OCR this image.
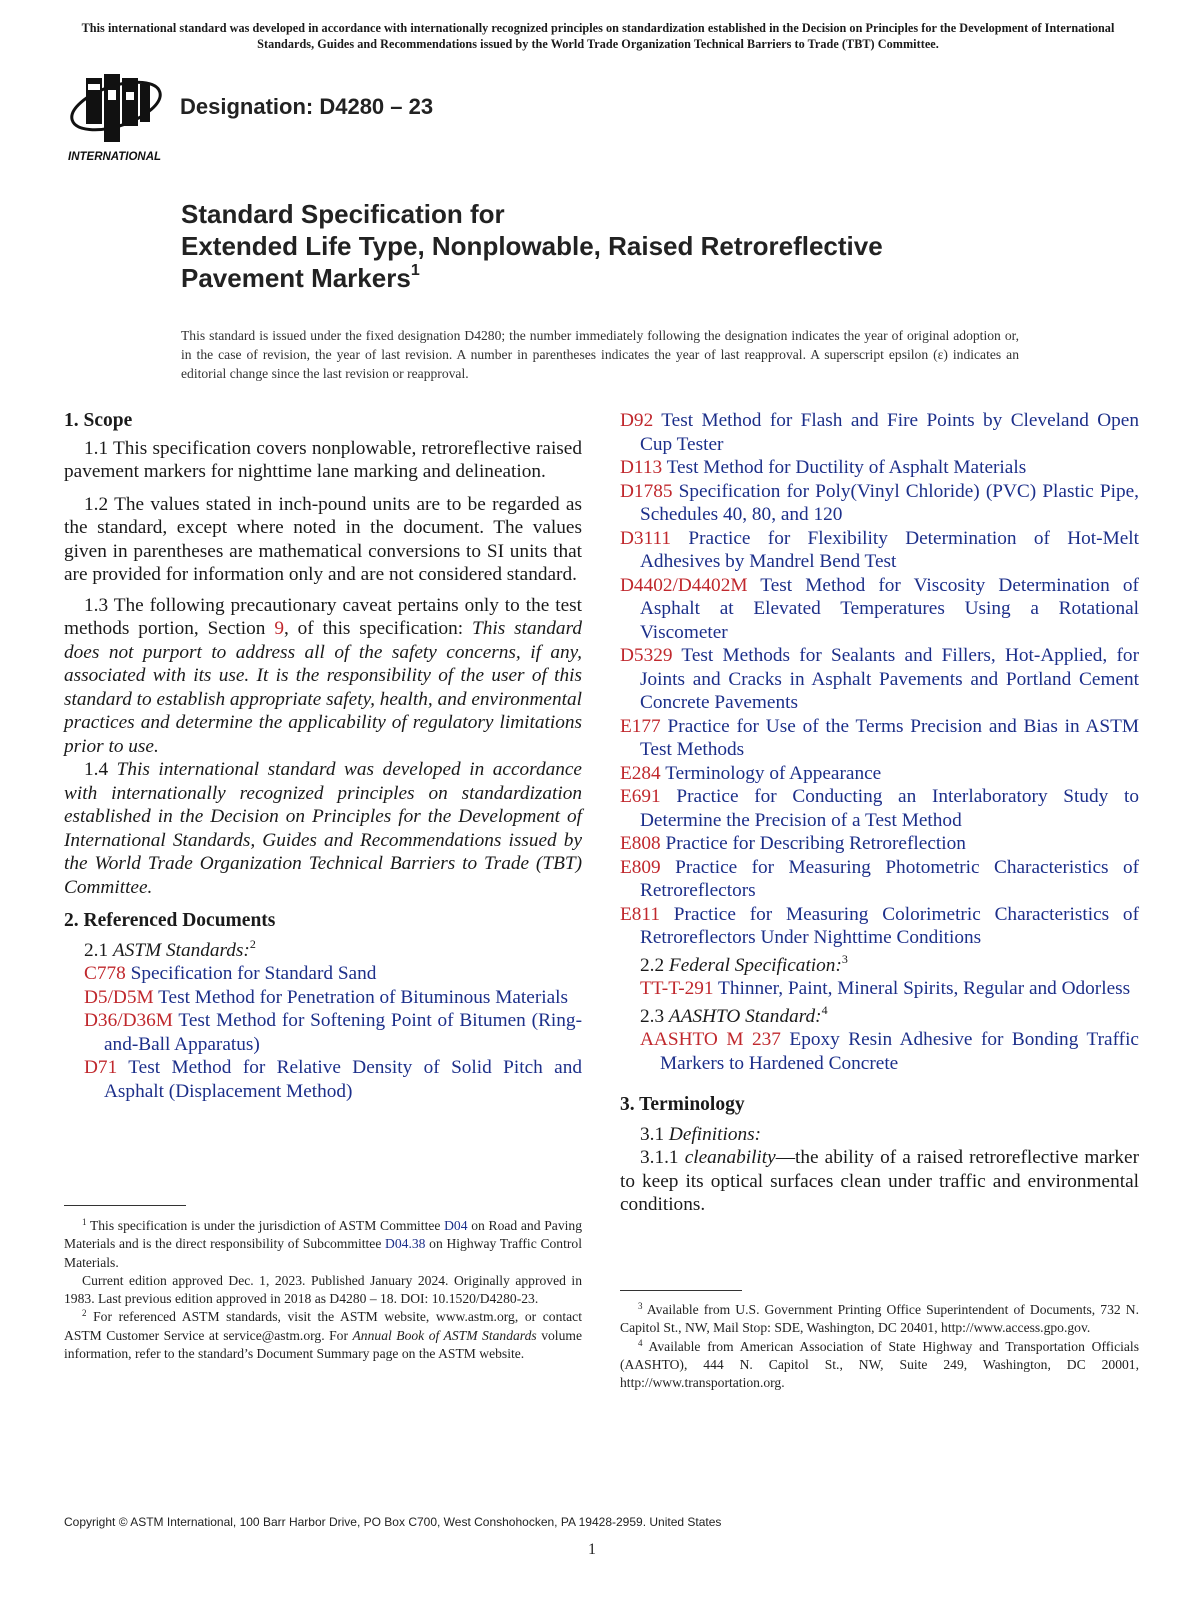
This international standard was developed in accordance with internationally recognized principles on standardization established in the Decision on Principles for the Development of International Standards, Guides and Recommendations issued by the World Trade Organization Technical Barriers to Trade (TBT) Committee.
INTERNATIONAL
Designation: D4280 – 23
Standard Specification for
Extended Life Type, Nonplowable, Raised Retroreflective
Pavement Markers$^1$
This standard is issued under the fixed designation D4280; the number immediately following the designation indicates the year of original adoption or, in the case of revision, the year of last revision. A number in parentheses indicates the year of last reapproval. A superscript epsilon (ε) indicates an editorial change since the last revision or reapproval.
1. Scope

1.1 This specification covers nonplowable, retroreflective raised pavement markers for nighttime lane marking and delineation.

1.2 The values stated in inch-pound units are to be regarded as the standard, except where noted in the document. The values given in parentheses are mathematical conversions to SI units that are provided for information only and are not considered standard.

1.3 The following precautionary caveat pertains only to the test methods portion, Section 9, of this specification: This standard does not purport to address all of the safety concerns, if any, associated with its use. It is the responsibility of the user of this standard to establish appropriate safety, health, and environmental practices and determine the applicability of regulatory limitations prior to use.

1.4 This international standard was developed in accordance with internationally recognized principles on standardization established in the Decision on Principles for the Development of International Standards, Guides and Recommendations issued by the World Trade Organization Technical Barriers to Trade (TBT) Committee.

2. Referenced Documents

2.1 ASTM Standards:$^2$

C778 Specification for Standard Sand

D5/D5M Test Method for Penetration of Bituminous Materials

D36/D36M Test Method for Softening Point of Bitumen (Ring-and-Ball Apparatus)

D71 Test Method for Relative Density of Solid Pitch and Asphalt (Displacement Method)

$^1$ This specification is under the jurisdiction of ASTM Committee D04 on Road and Paving Materials and is the direct responsibility of Subcommittee D04.38 on Highway Traffic Control Materials.

Current edition approved Dec. 1, 2023. Published January 2024. Originally approved in 1983. Last previous edition approved in 2018 as D4280 – 18. DOI: 10.1520/D4280-23.

$^2$ For referenced ASTM standards, visit the ASTM website, www.astm.org, or contact ASTM Customer Service at service@astm.org. For Annual Book of ASTM Standards volume information, refer to the standard’s Document Summary page on the ASTM website.

D92 Test Method for Flash and Fire Points by Cleveland Open Cup Tester

D113 Test Method for Ductility of Asphalt Materials

D1785 Specification for Poly(Vinyl Chloride) (PVC) Plastic Pipe, Schedules 40, 80, and 120

D3111 Practice for Flexibility Determination of Hot-Melt Adhesives by Mandrel Bend Test

D4402/D4402M Test Method for Viscosity Determination of Asphalt at Elevated Temperatures Using a Rotational Viscometer

D5329 Test Methods for Sealants and Fillers, Hot-Applied, for Joints and Cracks in Asphalt Pavements and Portland Cement Concrete Pavements

E177 Practice for Use of the Terms Precision and Bias in ASTM Test Methods

E284 Terminology of Appearance

E691 Practice for Conducting an Interlaboratory Study to Determine the Precision of a Test Method

E808 Practice for Describing Retroreflection

E809 Practice for Measuring Photometric Characteristics of Retroreflectors

E811 Practice for Measuring Colorimetric Characteristics of Retroreflectors Under Nighttime Conditions

2.2 Federal Specification:$^3$

TT-T-291 Thinner, Paint, Mineral Spirits, Regular and Odorless

2.3 AASHTO Standard:$^4$

AASHTO M 237 Epoxy Resin Adhesive for Bonding Traffic Markers to Hardened Concrete

3. Terminology

3.1 Definitions:

3.1.1 cleanability—the ability of a raised retroreflective marker to keep its optical surfaces clean under traffic and environmental conditions.

$^3$ Available from U.S. Government Printing Office Superintendent of Documents, 732 N. Capitol St., NW, Mail Stop: SDE, Washington, DC 20401, http://www.access.gpo.gov.

$^4$ Available from American Association of State Highway and Transportation Officials (AASHTO), 444 N. Capitol St., NW, Suite 249, Washington, DC 20001, http://www.transportation.org.

Copyright © ASTM International, 100 Barr Harbor Drive, PO Box C700, West Conshohocken, PA 19428-2959. United States
1
